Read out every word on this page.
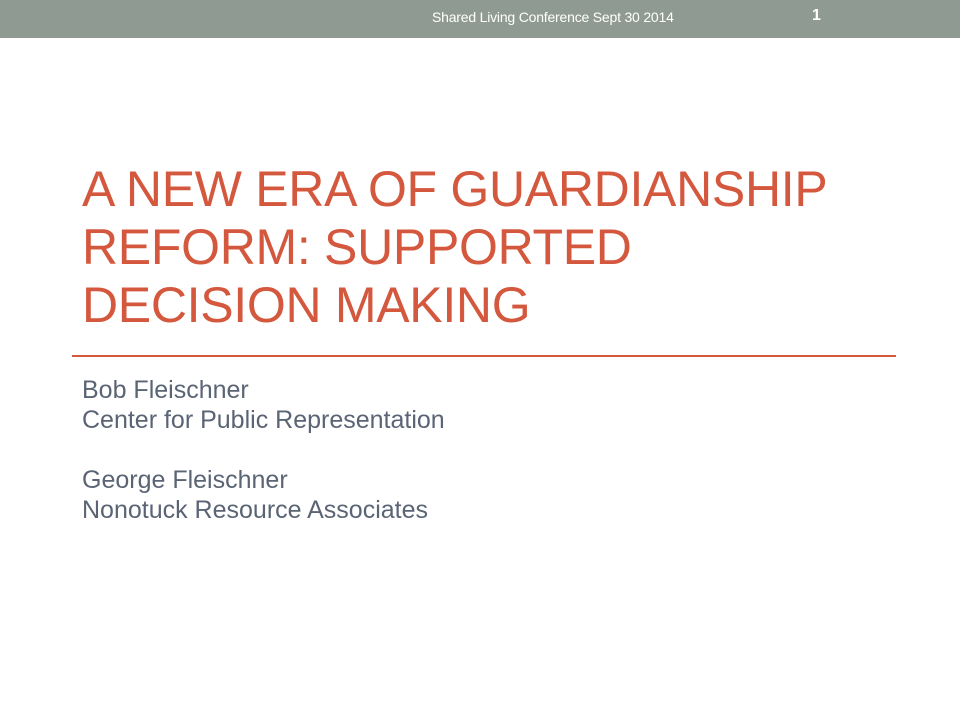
Shared Living Conference Sept 30 2014	1
A NEW ERA OF GUARDIANSHIP
REFORM: SUPPORTED
DECISION MAKING
Bob Fleischner
Center for Public Representation
George Fleischner
Nonotuck Resource Associates
